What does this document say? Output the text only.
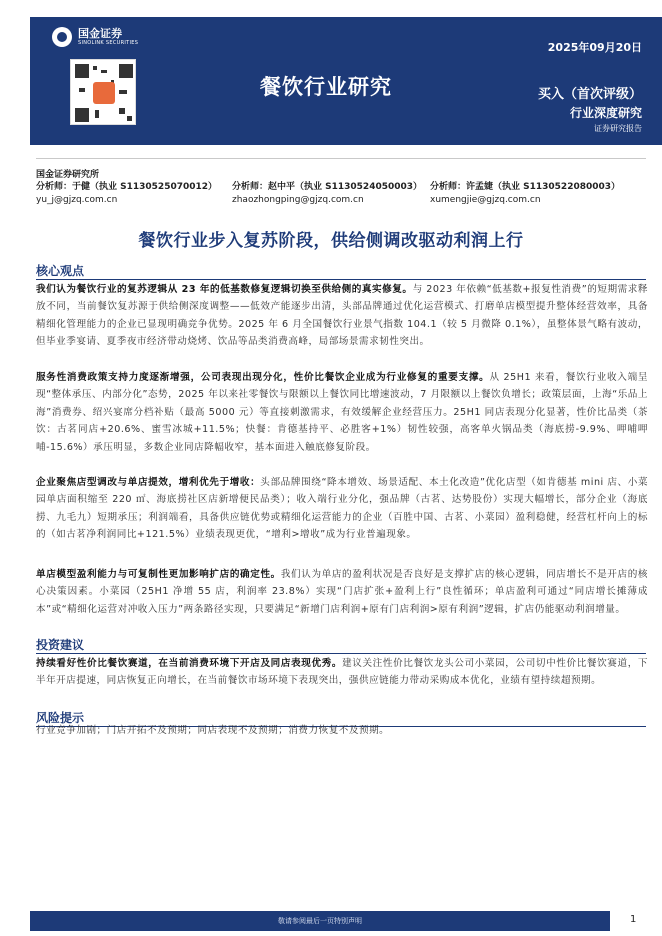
国金证券
SINOLINK SECURITIES
餐饮行业研究
2025年09月20日
买入（首次评级）
行业深度研究
证券研究报告
国金证券研究所
分析师：于健（执业 S1130525070012）
yu_j@gjzq.com.cn
分析师：赵中平（执业 S1130524050003）
zhaozhongping@gjzq.com.cn
分析师：许孟婕（执业 S1130522080003）
xumengjie@gjzq.com.cn
餐饮行业步入复苏阶段，供给侧调改驱动利润上行
核心观点

我们认为餐饮行业的复苏逻辑从 23 年的低基数修复逻辑切换至供给侧的真实修复。与 2023 年依赖“低基数+报复性消费”的短期需求释放不同，当前餐饮复苏源于供给侧深度调整——低效产能逐步出清，头部品牌通过优化运营模式、打磨单店模型提升整体经营效率，具备精细化管理能力的企业已显现明确竞争优势。2025 年 6 月全国餐饮行业景气指数 104.1（较 5 月微降 0.1%），虽整体景气略有波动，但毕业季宴请、夏季夜市经济带动烧烤、饮品等品类消费高峰，局部场景需求韧性突出。

服务性消费政策支持力度逐渐增强，公司表现出现分化，性价比餐饮企业成为行业修复的重要支撑。从 25H1 来看，餐饮行业收入端呈现“整体承压、内部分化”态势，2025 年以来社零餐饮与限额以上餐饮同比增速波动，7 月限额以上餐饮负增长；政策层面，上海“乐品上海”消费券、绍兴宴席分档补贴（最高 5000 元）等直接刺激需求，有效缓解企业经营压力。25H1 同店表现分化显著，性价比品类（茶饮：古茗同店+20.6%、蜜雪冰城+11.5%；快餐：肯德基持平、必胜客+1%）韧性较强，高客单火锅品类（海底捞-9.9%、呷哺呷哺-15.6%）承压明显，多数企业同店降幅收窄，基本面进入触底修复阶段。

企业聚焦店型调改与单店提效，增利优先于增收：头部品牌围绕“降本增效、场景适配、本土化改造”优化店型（如肯德基 mini 店、小菜园单店面积缩至 220 ㎡、海底捞社区店新增便民品类）；收入端行业分化，强品牌（古茗、达势股份）实现大幅增长，部分企业（海底捞、九毛九）短期承压；利润端看，具备供应链优势或精细化运营能力的企业（百胜中国、古茗、小菜园）盈利稳健，经营杠杆向上的标的（如古茗净利润同比+121.5%）业绩表现更优，“增利>增收”成为行业普遍现象。

单店模型盈利能力与可复制性更加影响扩店的确定性。我们认为单店的盈利状况是否良好是支撑扩店的核心逻辑，同店增长不是开店的核心决策因素。小菜园（25H1 净增 55 店，利润率 23.8%）实现“门店扩张+盈利上行”良性循环；单店盈利可通过“同店增长摊薄成本”或“精细化运营对冲收入压力”两条路径实现，只要满足“新增门店利润+原有门店利润>原有利润”逻辑，扩店仍能驱动利润增量。

投资建议

持续看好性价比餐饮赛道，在当前消费环境下开店及同店表现优秀。建议关注性价比餐饮龙头公司小菜园，公司切中性价比餐饮赛道，下半年开店提速，同店恢复正向增长，在当前餐饮市场环境下表现突出，强供应链能力带动采购成本优化，业绩有望持续超预期。

风险提示

行业竞争加剧；门店开拓不及预期；同店表现不及预期；消费力恢复不及预期。

敬请参阅最后一页特别声明	1
